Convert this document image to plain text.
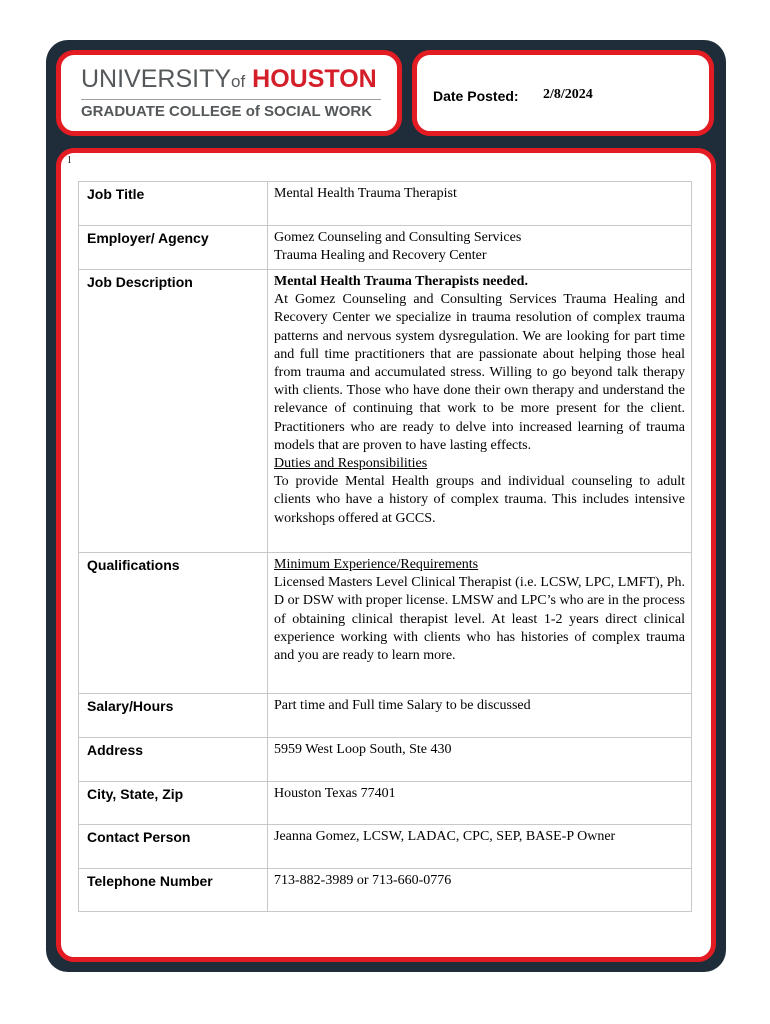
UNIVERSITYof HOUSTON
GRADUATE COLLEGE of SOCIAL WORK
Date Posted: 2/8/2024
l
Job Title	Mental Health Trauma Therapist
Employer/ Agency	Gomez Counseling and Consulting Services

Trauma Healing and Recovery Center

Job Description	Mental Health Trauma Therapists needed.

At Gomez Counseling and Consulting Services Trauma Healing and Recovery Center we specialize in trauma resolution of complex trauma patterns and nervous system dysregulation. We are looking for part time and full time practitioners that are passionate about helping those heal from trauma and accumulated stress. Willing to go beyond talk therapy with clients. Those who have done their own therapy and understand the relevance of continuing that work to be more present for the client. Practitioners who are ready to delve into increased learning of trauma models that are proven to have lasting effects.

Duties and Responsibilities

To provide Mental Health groups and individual counseling to adult clients who have a history of complex trauma. This includes intensive workshops offered at GCCS.

Qualifications	Minimum Experience/Requirements

Licensed Masters Level Clinical Therapist (i.e. LCSW, LPC, LMFT), Ph. D or DSW with proper license. LMSW and LPC’s who are in the process of obtaining clinical therapist level. At least 1-2 years direct clinical experience working with clients who has histories of complex trauma and you are ready to learn more.

Salary/Hours	Part time and Full time Salary to be discussed
Address	5959 West Loop South, Ste 430
City, State, Zip	Houston Texas 77401
Contact Person	Jeanna Gomez, LCSW, LADAC, CPC, SEP, BASE-P Owner
Telephone Number	713-882-3989 or 713-660-0776
